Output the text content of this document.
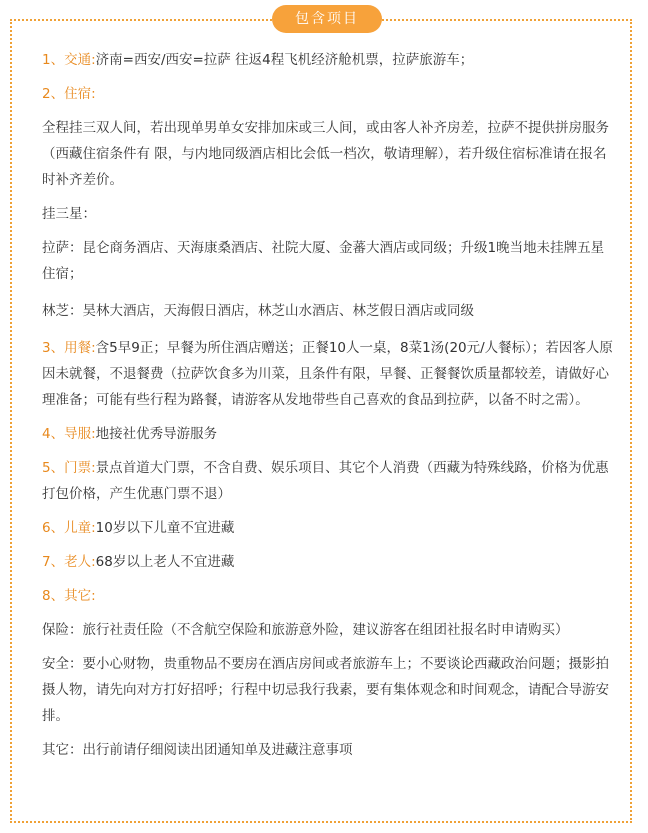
包含项目

1、交通:济南=西安/西安=拉萨 往返4程飞机经济舱机票，拉萨旅游车；

2、住宿:

全程挂三双人间，若出现单男单女安排加床或三人间，或由客人补齐房差，拉萨不提供拼房服务（西藏住宿条件有 限，与内地同级酒店相比会低一档次，敬请理解），若升级住宿标准请在报名时补齐差价。

挂三星：

拉萨：昆仑商务酒店、天海康桑酒店、社院大厦、金蕃大酒店或同级；升级1晚当地未挂牌五星住宿；

林芝：昊林大酒店，天海假日酒店，林芝山水酒店、林芝假日酒店或同级

3、用餐:含5早9正；早餐为所住酒店赠送；正餐10人一桌，8菜1汤(20元/人餐标）；若因客人原因未就餐，不退餐费（拉萨饮食多为川菜，且条件有限，早餐、正餐餐饮质量都较差，请做好心理准备；可能有些行程为路餐，请游客从发地带些自己喜欢的食品到拉萨，以备不时之需）。

4、导服:地接社优秀导游服务

5、门票:景点首道大门票，不含自费、娱乐项目、其它个人消费（西藏为特殊线路，价格为优惠打包价格，产生优惠门票不退）

6、儿童:10岁以下儿童不宜进藏

7、老人:68岁以上老人不宜进藏

8、其它:

保险：旅行社责任险（不含航空保险和旅游意外险，建议游客在组团社报名时申请购买）

安全：要小心财物，贵重物品不要房在酒店房间或者旅游车上；不要谈论西藏政治问题；摄影拍摄人物，请先向对方打好招呼；行程中切忌我行我素，要有集体观念和时间观念，请配合导游安排。

其它：出行前请仔细阅读出团通知单及进藏注意事项
